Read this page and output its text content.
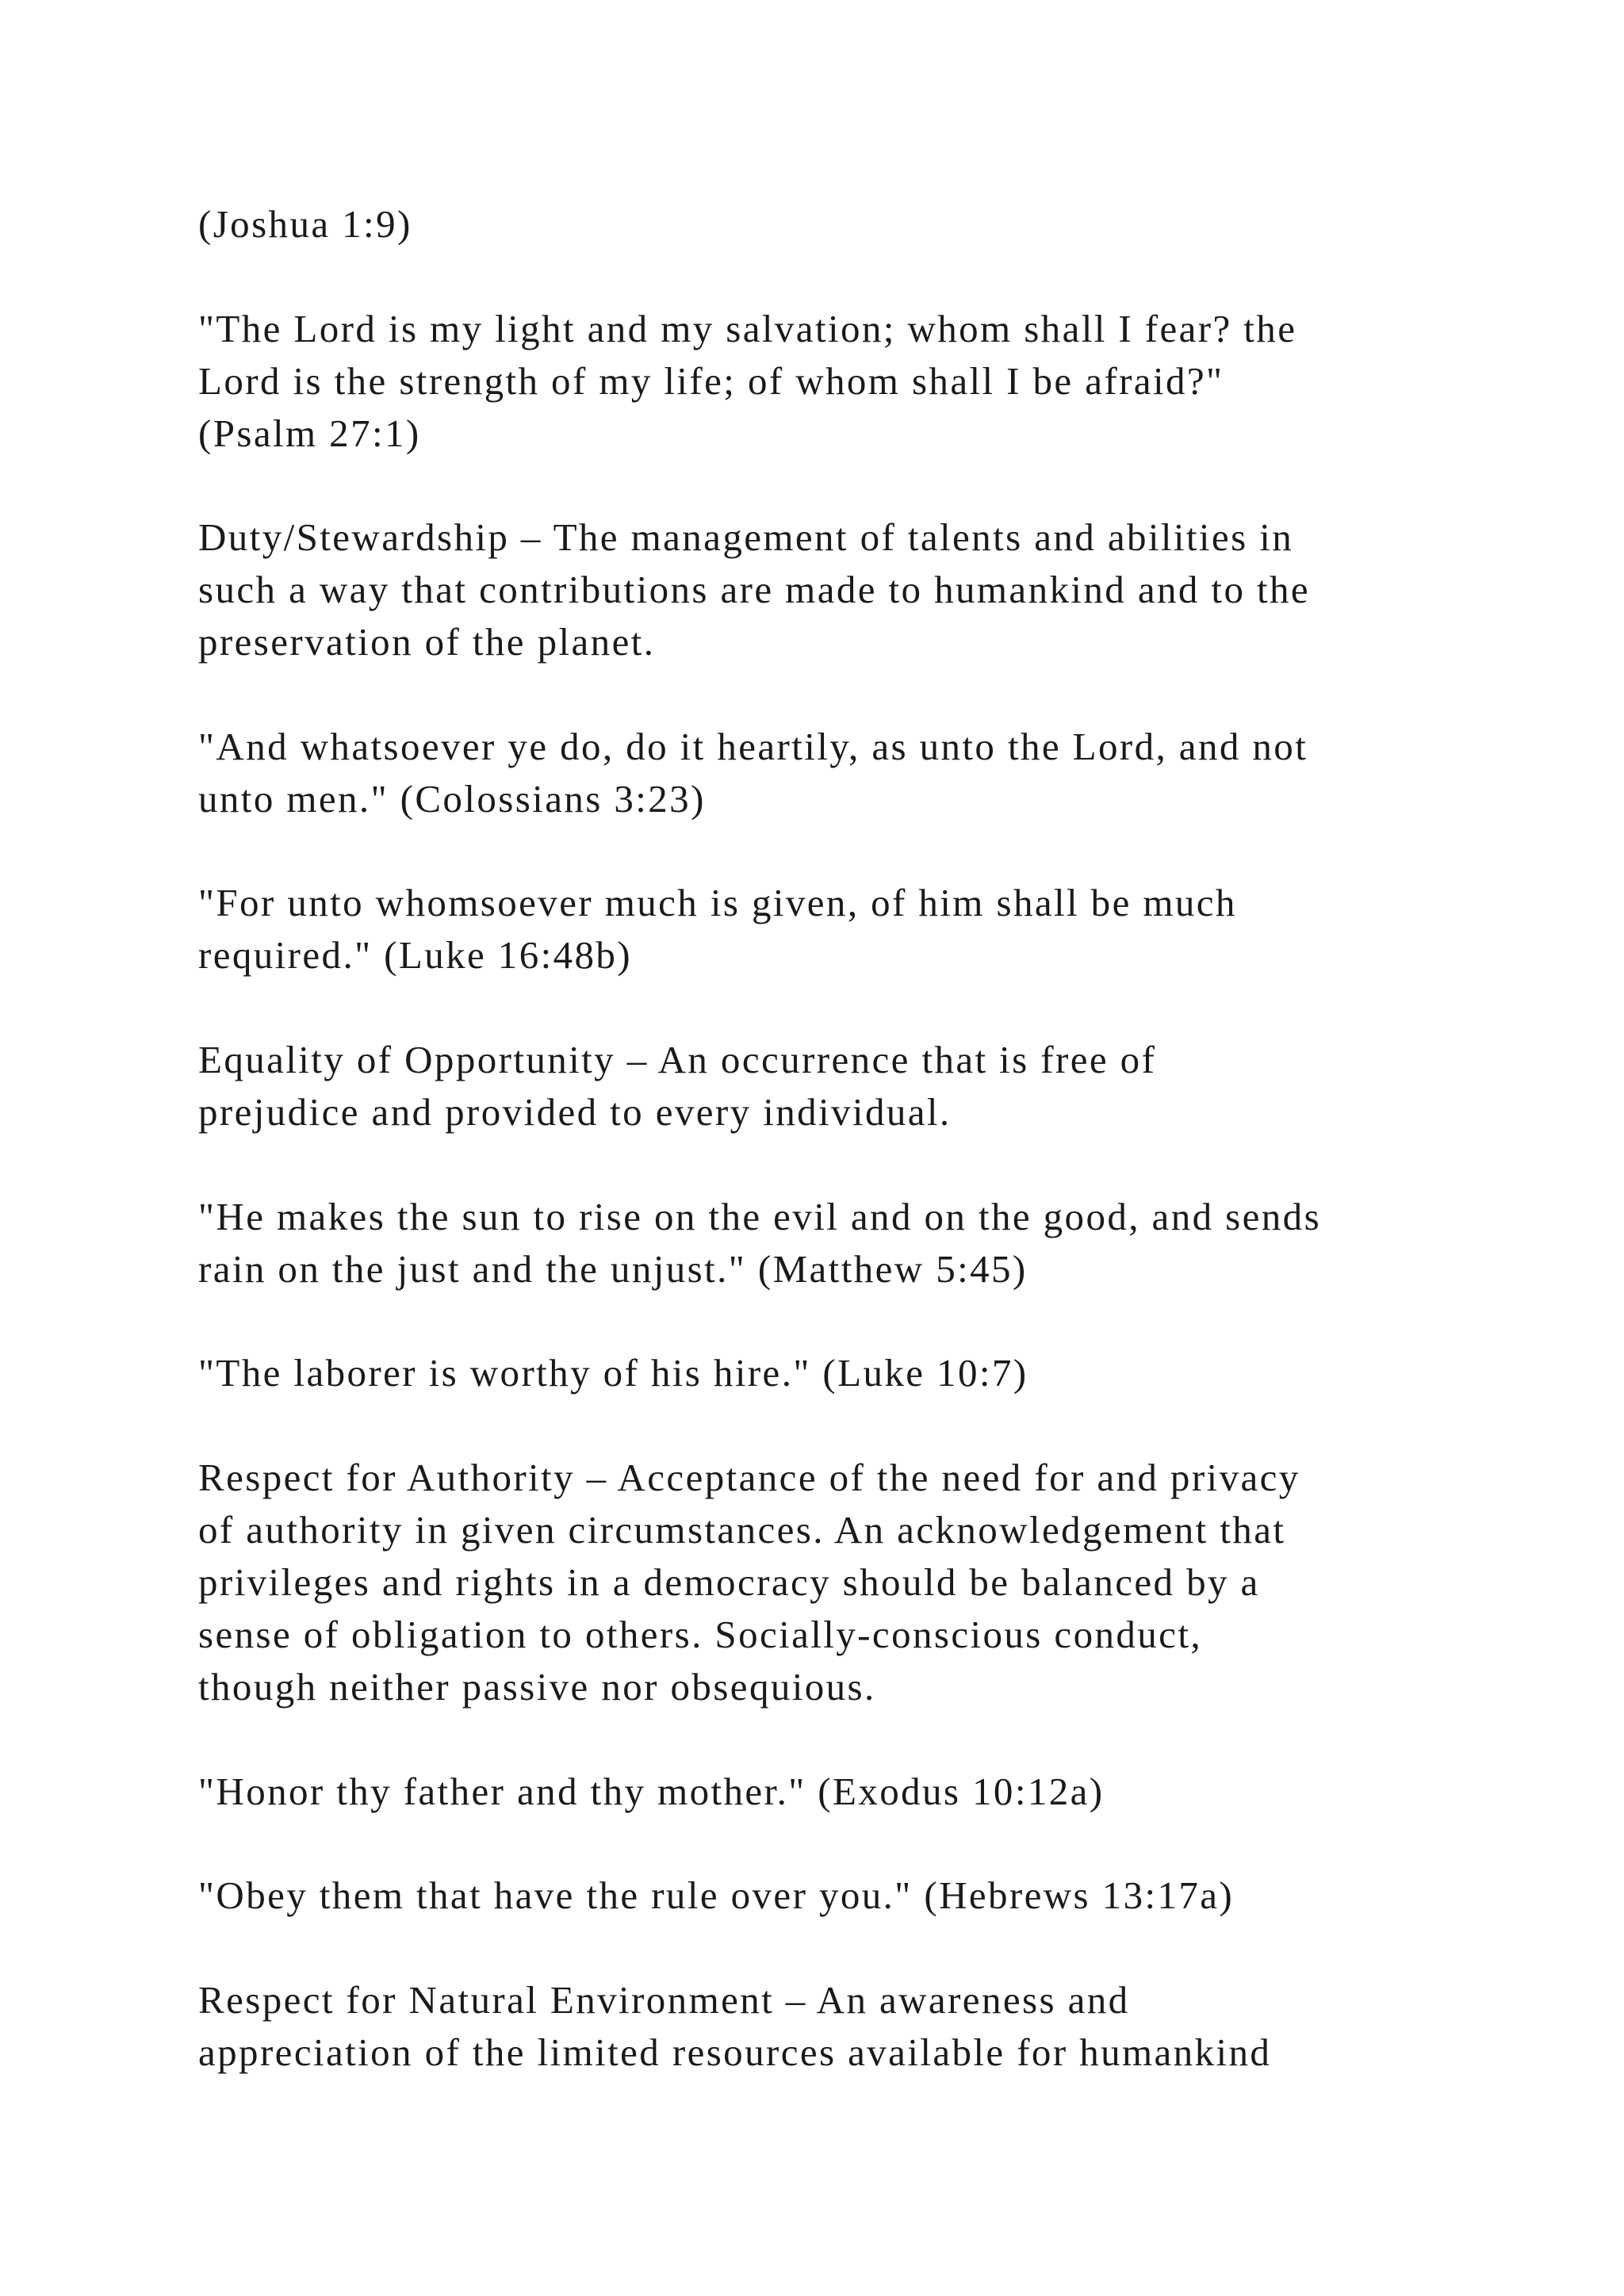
(Joshua 1:9)

"The Lord is my light and my salvation; whom shall I fear? the

Lord is the strength of my life; of whom shall I be afraid?"

(Psalm 27:1)

Duty/Stewardship – The management of talents and abilities in

such a way that contributions are made to humankind and to the

preservation of the planet.

"And whatsoever ye do, do it heartily, as unto the Lord, and not

unto men." (Colossians 3:23)

"For unto whomsoever much is given, of him shall be much

required." (Luke 16:48b)

Equality of Opportunity – An occurrence that is free of

prejudice and provided to every individual.

"He makes the sun to rise on the evil and on the good, and sends

rain on the just and the unjust." (Matthew 5:45)

"The laborer is worthy of his hire." (Luke 10:7)

Respect for Authority – Acceptance of the need for and privacy

of authority in given circumstances. An acknowledgement that

privileges and rights in a democracy should be balanced by a

sense of obligation to others. Socially-conscious conduct,

though neither passive nor obsequious.

"Honor thy father and thy mother." (Exodus 10:12a)

"Obey them that have the rule over you." (Hebrews 13:17a)

Respect for Natural Environment – An awareness and

appreciation of the limited resources available for humankind
